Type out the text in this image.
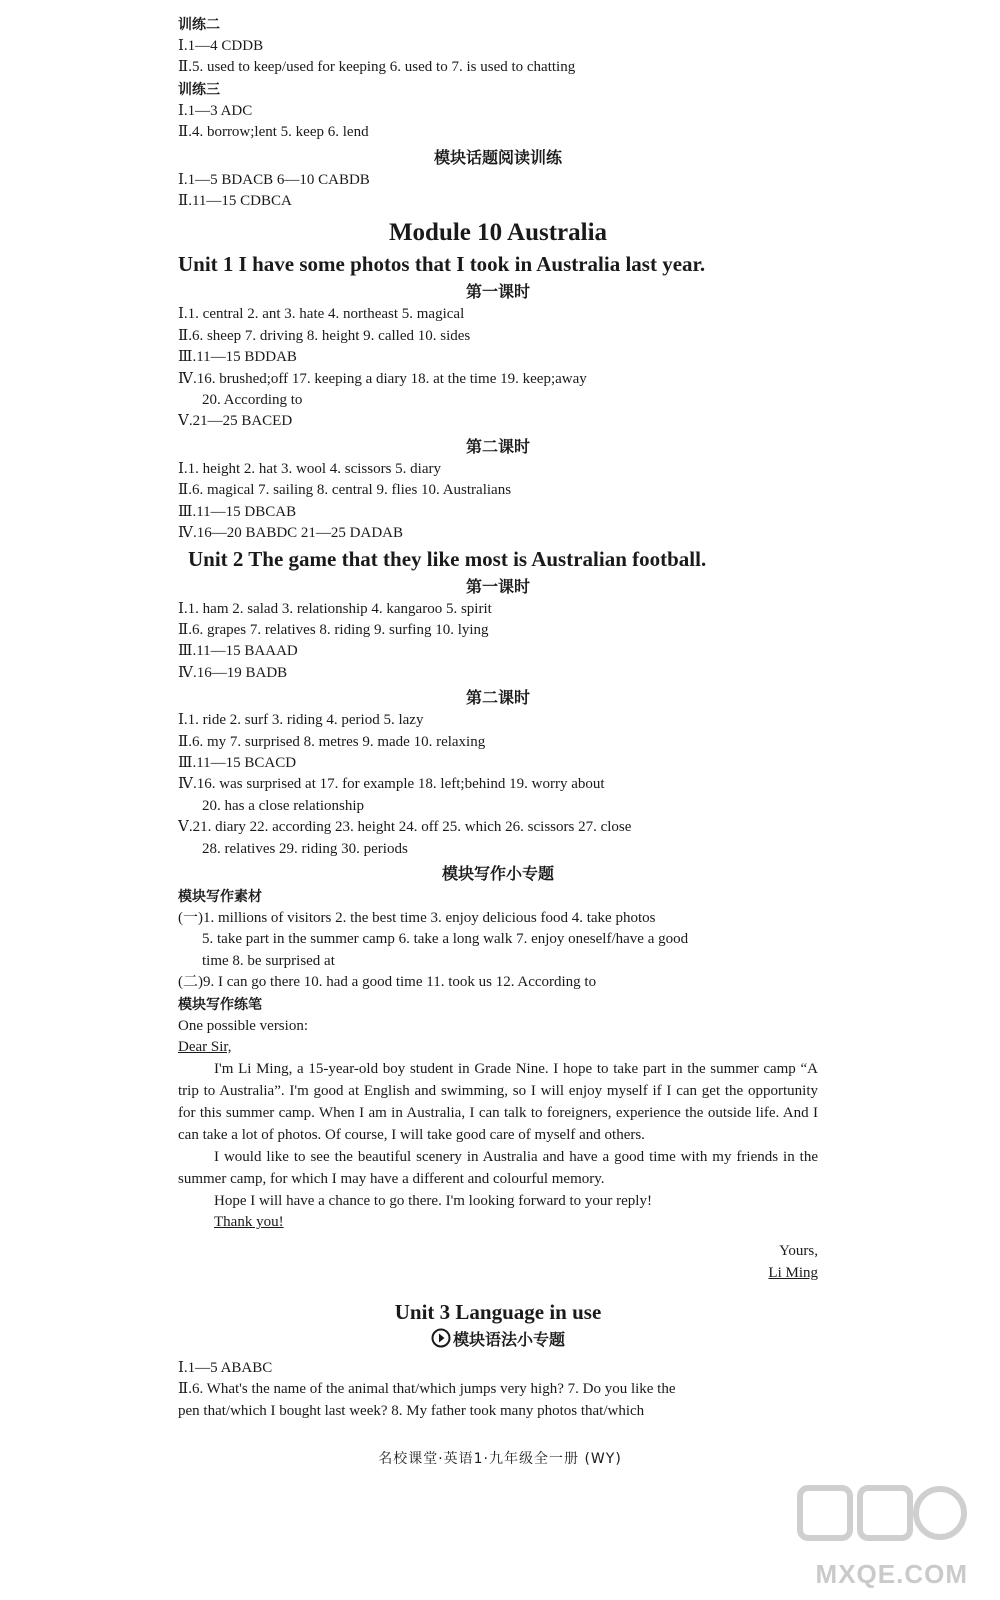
训练二
Ⅰ.1—4 CDDB
Ⅱ.5. used to keep/used for keeping 6. used to 7. is used to chatting
训练三
Ⅰ.1—3 ADC
Ⅱ.4. borrow;lent 5. keep 6. lend
模块话题阅读训练
Ⅰ.1—5 BDACB 6—10 CABDB
Ⅱ.11—15 CDBCA
Module 10 Australia
Unit 1 I have some photos that I took in Australia last year.
第一课时
Ⅰ.1. central 2. ant 3. hate 4. northeast 5. magical
Ⅱ.6. sheep 7. driving 8. height 9. called 10. sides
Ⅲ.11—15 BDDAB
Ⅳ.16. brushed;off 17. keeping a diary 18. at the time 19. keep;away
20. According to
Ⅴ.21—25 BACED
第二课时
Ⅰ.1. height 2. hat 3. wool 4. scissors 5. diary
Ⅱ.6. magical 7. sailing 8. central 9. flies 10. Australians
Ⅲ.11—15 DBCAB
Ⅳ.16—20 BABDC 21—25 DADAB
Unit 2 The game that they like most is Australian football.
第一课时
Ⅰ.1. ham 2. salad 3. relationship 4. kangaroo 5. spirit
Ⅱ.6. grapes 7. relatives 8. riding 9. surfing 10. lying
Ⅲ.11—15 BAAAD
Ⅳ.16—19 BADB
第二课时
Ⅰ.1. ride 2. surf 3. riding 4. period 5. lazy
Ⅱ.6. my 7. surprised 8. metres 9. made 10. relaxing
Ⅲ.11—15 BCACD
Ⅳ.16. was surprised at 17. for example 18. left;behind 19. worry about
20. has a close relationship
Ⅴ.21. diary 22. according 23. height 24. off 25. which 26. scissors 27. close
28. relatives 29. riding 30. periods
模块写作小专题
模块写作素材
(一)1. millions of visitors 2. the best time 3. enjoy delicious food 4. take photos
5. take part in the summer camp 6. take a long walk 7. enjoy oneself/have a good
time 8. be surprised at
(二)9. I can go there 10. had a good time 11. took us 12. According to
模块写作练笔
One possible version:
Dear Sir,

I'm Li Ming, a 15-year-old boy student in Grade Nine. I hope to take part in the summer camp “A trip to Australia”. I'm good at English and swimming, so I will enjoy myself if I can get the opportunity for this summer camp. When I am in Australia, I can talk to foreigners, experience the outside life. And I can take a lot of photos. Of course, I will take good care of myself and others.

I would like to see the beautiful scenery in Australia and have a good time with my friends in the summer camp, for which I may have a different and colourful memory.

Hope I will have a chance to go there. I'm looking forward to your reply!

Thank you!
Yours,
Li Ming
Unit 3 Language in use
模块语法小专题
Ⅰ.1—5 ABABC
Ⅱ.6. What's the name of the animal that/which jumps very high? 7. Do you like the
pen that/which I bought last week? 8. My father took many photos that/which
名校课堂·英语1·九年级全一册 (WY)
MXQE.COM
